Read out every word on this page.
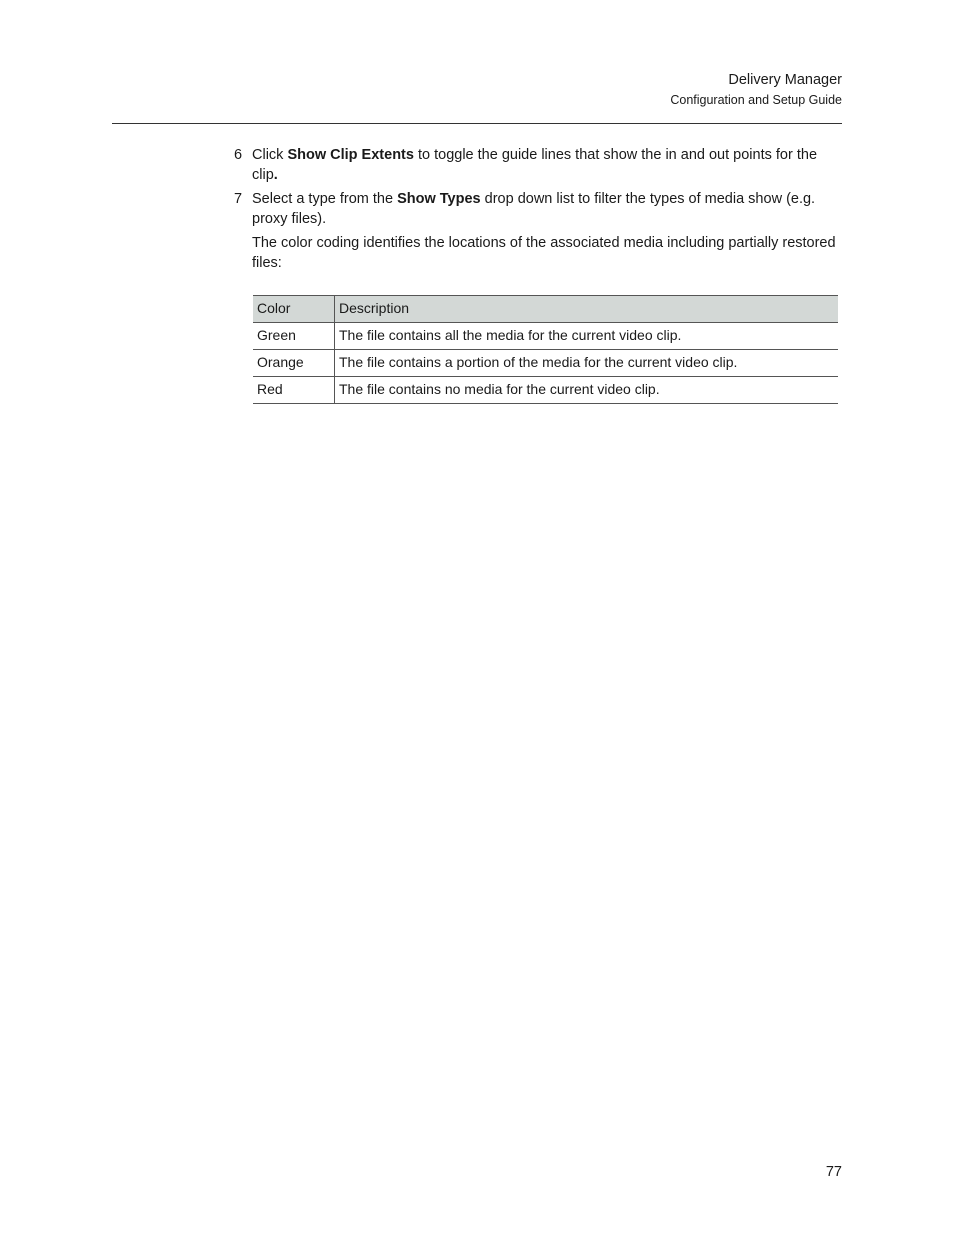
Delivery Manager
Configuration and Setup Guide
6 Click Show Clip Extents to toggle the guide lines that show the in and out points for the clip.
7 Select a type from the Show Types drop down list to filter the types of media show (e.g. proxy files).
The color coding identifies the locations of the associated media including partially restored files:
Color	Description
Green	The file contains all the media for the current video clip.
Orange	The file contains a portion of the media for the current video clip.
Red	The file contains no media for the current video clip.
77
